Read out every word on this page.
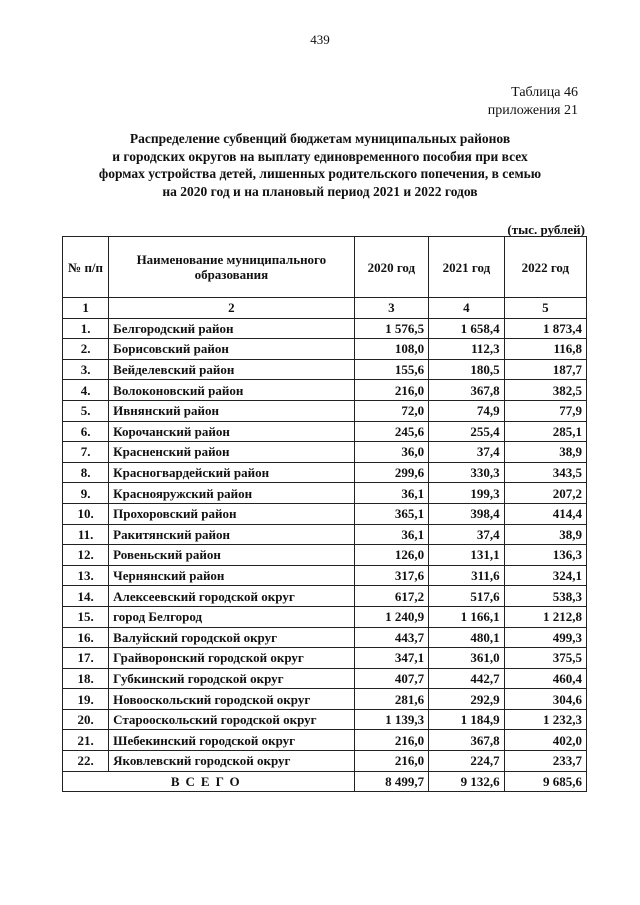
439
Таблица 46
приложения 21
Распределение субвенций бюджетам муниципальных районов
и городских округов на выплату единовременного пособия при всех
формах устройства детей, лишенных родительского попечения, в семью
на 2020 год и на плановый период 2021 и 2022 годов
(тыс. рублей)
№ п/п	Наименование муниципального образования	2020 год	2021 год	2022 год
1	2	3	4	5
1.	Белгородский район	1 576,5	1 658,4	1 873,4
2.	Борисовский район	108,0	112,3	116,8
3.	Вейделевский район	155,6	180,5	187,7
4.	Волоконовский район	216,0	367,8	382,5
5.	Ивнянский район	72,0	74,9	77,9
6.	Корочанский район	245,6	255,4	285,1
7.	Красненский район	36,0	37,4	38,9
8.	Красногвардейский район	299,6	330,3	343,5
9.	Краснояружский район	36,1	199,3	207,2
10.	Прохоровский район	365,1	398,4	414,4
11.	Ракитянский район	36,1	37,4	38,9
12.	Ровеньский район	126,0	131,1	136,3
13.	Чернянский район	317,6	311,6	324,1
14.	Алексеевский городской округ	617,2	517,6	538,3
15.	город Белгород	1 240,9	1 166,1	1 212,8
16.	Валуйский городской округ	443,7	480,1	499,3
17.	Грайворонский городской округ	347,1	361,0	375,5
18.	Губкинский городской округ	407,7	442,7	460,4
19.	Новооскольский городской округ	281,6	292,9	304,6
20.	Старооскольский городской округ	1 139,3	1 184,9	1 232,3
21.	Шебекинский городской округ	216,0	367,8	402,0
22.	Яковлевский городской округ	216,0	224,7	233,7
ВСЕГО		8 499,7	9 132,6	9 685,6
